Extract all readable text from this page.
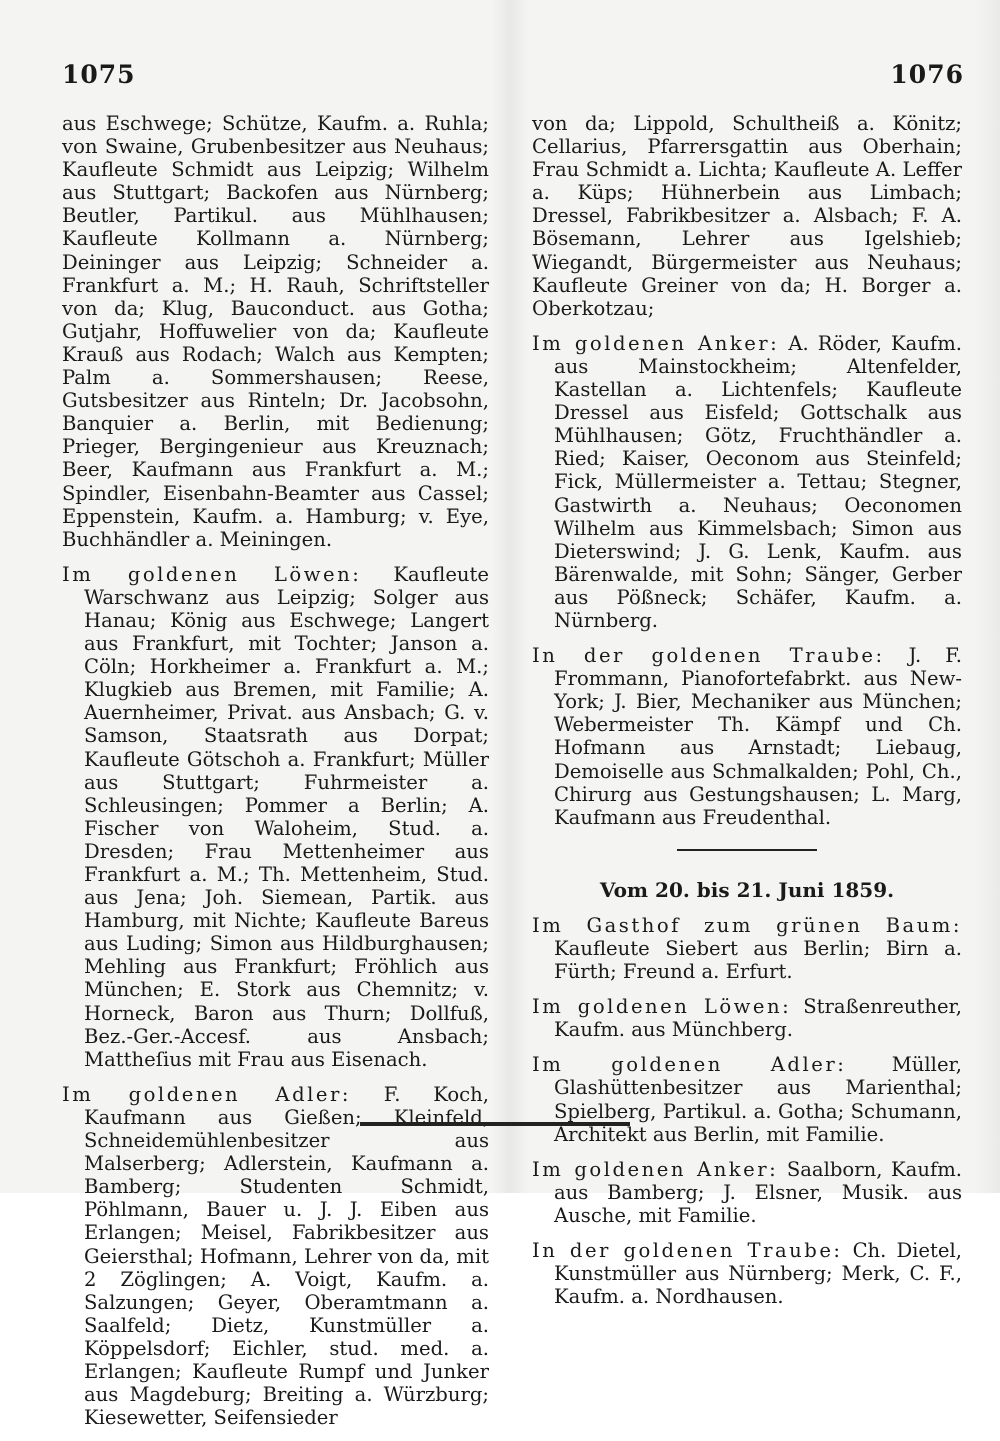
1075	1076

aus Eschwege; Schütze, Kaufm. a. Ruhla; von Swaine, Grubenbesitzer aus Neuhaus; Kaufleute Schmidt aus Leipzig; Wilhelm aus Stuttgart; Backofen aus Nürnberg; Beutler, Partikul. aus Mühlhausen; Kaufleute Kollmann a. Nürnberg; Deininger aus Leipzig; Schneider a. Frankfurt a. M.; H. Rauh, Schriftsteller von da; Klug, Bauconduct. aus Gotha; Gutjahr, Hoffuwelier von da; Kaufleute Krauß aus Rodach; Walch aus Kempten; Palm a. Sommershausen; Reese, Gutsbesitzer aus Rinteln; Dr. Jacobsohn, Banquier a. Berlin, mit Bedienung; Prieger, Bergingenieur aus Kreuznach; Beer, Kaufmann aus Frankfurt a. M.; Spindler, Eisenbahn-Beamter aus Cassel; Eppenstein, Kaufm. a. Hamburg; v. Eye, Buchhändler a. Meiningen.

Im goldenen Löwen: Kaufleute Warschwanz aus Leipzig; Solger aus Hanau; König aus Eschwege; Langert aus Frankfurt, mit Tochter; Janson a. Cöln; Horkheimer a. Frankfurt a. M.; Klugkieb aus Bremen, mit Familie; A. Auernheimer, Privat. aus Ansbach; G. v. Samson, Staatsrath aus Dorpat; Kaufleute Götschoh a. Frankfurt; Müller aus Stuttgart; Fuhrmeister a. Schleusingen; Pommer a Berlin; A. Fischer von Waloheim, Stud. a. Dresden; Frau Mettenheimer aus Frankfurt a. M.; Th. Mettenheim, Stud. aus Jena; Joh. Siemean, Partik. aus Hamburg, mit Nichte; Kaufleute Bareus aus Luding; Simon aus Hildburghausen; Mehling aus Frankfurt; Fröhlich aus München; E. Stork aus Chemnitz; v. Horneck, Baron aus Thurn; Dollfuß, Bez.-Ger.-Accesf. aus Ansbach; Mattheſius mit Frau aus Eisenach.

Im goldenen Adler: F. Koch, Kaufmann aus Gießen; Kleinfeld, Schneidemühlenbesitzer aus Malserberg; Adlerstein, Kaufmann a. Bamberg; Studenten Schmidt, Pöhlmann, Bauer u. J. J. Eiben aus Erlangen; Meisel, Fabrikbesitzer aus Geiersthal; Hofmann, Lehrer von da, mit 2 Zöglingen; A. Voigt, Kaufm. a. Salzungen; Geyer, Oberamtmann a. Saalfeld; Dietz, Kunstmüller a. Köppelsdorf; Eichler, stud. med. a. Erlangen; Kaufleute Rumpf und Junker aus Magdeburg; Breiting a. Würzburg; Kiesewetter, Seifensieder

von da; Lippold, Schultheiß a. Könitz; Cellarius, Pfarrersgattin aus Oberhain; Frau Schmidt a. Lichta; Kaufleute A. Leffer a. Küps; Hühnerbein aus Limbach; Dressel, Fabrikbesitzer a. Alsbach; F. A. Bösemann, Lehrer aus Igelshieb; Wiegandt, Bürgermeister aus Neuhaus; Kaufleute Greiner von da; H. Borger a. Oberkotzau;

Im goldenen Anker: A. Röder, Kaufm. aus Mainstockheim; Altenfelder, Kastellan a. Lichtenfels; Kaufleute Dressel aus Eisfeld; Gottschalk aus Mühlhausen; Götz, Fruchthändler a. Ried; Kaiser, Oeconom aus Steinfeld; Fick, Müllermeister a. Tettau; Stegner, Gastwirth a. Neuhaus; Oeconomen Wilhelm aus Kimmelsbach; Simon aus Dieterswind; J. G. Lenk, Kaufm. aus Bärenwalde, mit Sohn; Sänger, Gerber aus Pößneck; Schäfer, Kaufm. a. Nürnberg.

In der goldenen Traube: J. F. Frommann, Pianofortefabrkt. aus New-York; J. Bier, Mechaniker aus München; Webermeister Th. Kämpf und Ch. Hofmann aus Arnstadt; Liebaug, Demoiselle aus Schmalkalden; Pohl, Ch., Chirurg aus Gestungshausen; L. Marg, Kaufmann aus Freudenthal.

Vom 20. bis 21. Juni 1859.

Im Gasthof zum grünen Baum: Kaufleute Siebert aus Berlin; Birn a. Fürth; Freund a. Erfurt.

Im goldenen Löwen: Straßenreuther, Kaufm. aus Münchberg.

Im goldenen Adler: Müller, Glashüttenbesitzer aus Marienthal; Spielberg, Partikul. a. Gotha; Schumann, Architekt aus Berlin, mit Familie.

Im goldenen Anker: Saalborn, Kaufm. aus Bamberg; J. Elsner, Musik. aus Ausche, mit Familie.

In der goldenen Traube: Ch. Dietel, Kunstmüller aus Nürnberg; Merk, C. F., Kaufm. a. Nordhausen.
